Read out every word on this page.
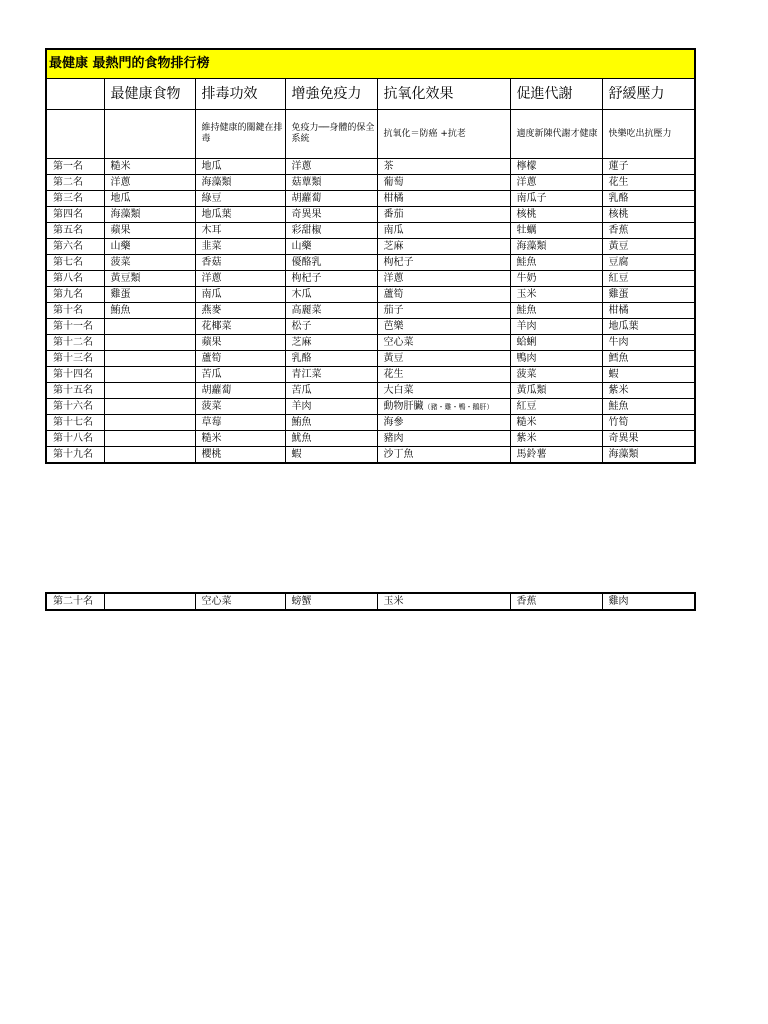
最健康 最熱門的食物排行榜						
	最健康食物	排毒功效	增強免疫力	抗氧化效果	促進代謝	舒緩壓力
		維持健康的關鍵在排毒	免疫力──身體的保全系統	抗氧化＝防癌 +抗老	適度新陳代謝才健康	快樂吃出抗壓力
第一名	糙米	地瓜	洋蔥	茶	檸檬	蓮子
第二名	洋蔥	海藻類	菇蕈類	葡萄	洋蔥	花生
第三名	地瓜	綠豆	胡蘿蔔	柑橘	南瓜子	乳酪
第四名	海藻類	地瓜葉	奇異果	番茄	核桃	核桃
第五名	蘋果	木耳	彩甜椒	南瓜	牡蠣	香蕉
第六名	山藥	韭菜	山藥	芝麻	海藻類	黃豆
第七名	菠菜	香菇	優酪乳	枸杞子	鮭魚	豆腐
第八名	黃豆類	洋蔥	枸杞子	洋蔥	牛奶	紅豆
第九名	雞蛋	南瓜	木瓜	蘆筍	玉米	雞蛋
第十名	鮪魚	燕麥	高麗菜	茄子	鮭魚	柑橘
第十一名		花椰菜	松子	芭樂	羊肉	地瓜葉
第十二名		蘋果	芝麻	空心菜	蛤蜊	牛肉
第十三名		蘆筍	乳酪	黃豆	鴨肉	鱈魚
第十四名		苦瓜	青江菜	花生	菠菜	蝦
第十五名		胡蘿蔔	苦瓜	大白菜	黃瓜類	紫米
第十六名		菠菜	羊肉	動物肝臟（豬・雞・鴨・鵝肝）	紅豆	鮭魚
第十七名		草莓	鮪魚	海參	糙米	竹筍
第十八名		糙米	魷魚	豬肉	紫米	奇異果
第十九名		櫻桃	蝦	沙丁魚	馬鈴薯	海藻類
第二十名		空心菜	螃蟹	玉米	香蕉	雞肉
